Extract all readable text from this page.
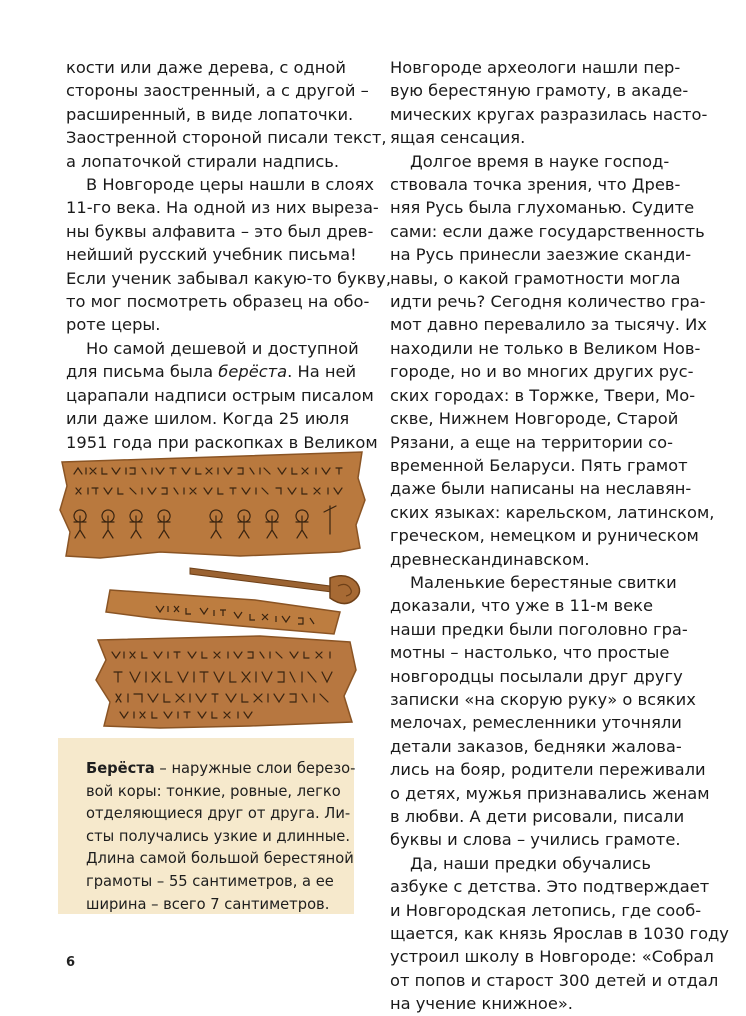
кости или даже дерева, с одной
стороны заостренный, а с другой –
расширенный, в виде лопаточки.
Заостренной стороной писали текст,
а лопаточкой стирали надпись.

В Новгороде церы нашли в слоях

11-го века. На одной из них выреза-
ны буквы алфавита – это был древ-
нейший русский учебник письма!
Если ученик забывал какую-то букву,
то мог посмотреть образец на обо-
роте церы.

Но самой дешевой и доступной

для письма была берёста. На ней
царапали надписи острым писалом
или даже шилом. Когда 25 июля
1951 года при раскопках в Великом

Новгороде археологи нашли пер-
вую берестяную грамоту, в акаде-
мических кругах разразилась насто-
ящая сенсация.

Долгое время в науке господ-

ствовала точка зрения, что Древ-
няя Русь была глухоманью. Судите
сами: если даже государственность
на Русь принесли заезжие сканди-
навы, о какой грамотности могла
идти речь? Сегодня количество гра-
мот давно перевалило за тысячу. Их
находили не только в Великом Нов-
городе, но и во многих других рус-
ских городах: в Торжке, Твери, Мо-
скве, Нижнем Новгороде, Старой
Рязани, а еще на территории со-
временной Беларуси. Пять грамот
даже были написаны на неславян-
ских языках: карельском, латинском,
греческом, немецком и руническом
древнескандинавском.

Маленькие берестяные свитки

доказали, что уже в 11-м веке
наши предки были поголовно гра-
мотны – настолько, что простые
новгородцы посылали друг другу
записки «на скорую руку» о всяких
мелочах, ремесленники уточняли
детали заказов, бедняки жалова-
лись на бояр, родители переживали
о детях, мужья признавались женам
в любви. А дети рисовали, писали
буквы и слова – учились грамоте.

Да, наши предки обучались

азбуке с детства. Это подтверждает
и Новгородская летопись, где сооб-
щается, как князь Ярослав в 1030 году
устроил школу в Новгороде: «Собрал
от попов и старост 300 детей и отдал
на учение книжное».

Берёста – наружные слои березо-
вой коры: тонкие, ровные, легко
отделяющиеся друг от друга. Ли-
сты получались узкие и длинные.
Длина самой большой берестяной
грамоты – 55 сантиметров, а ее
ширина – всего 7 сантиметров.
6
